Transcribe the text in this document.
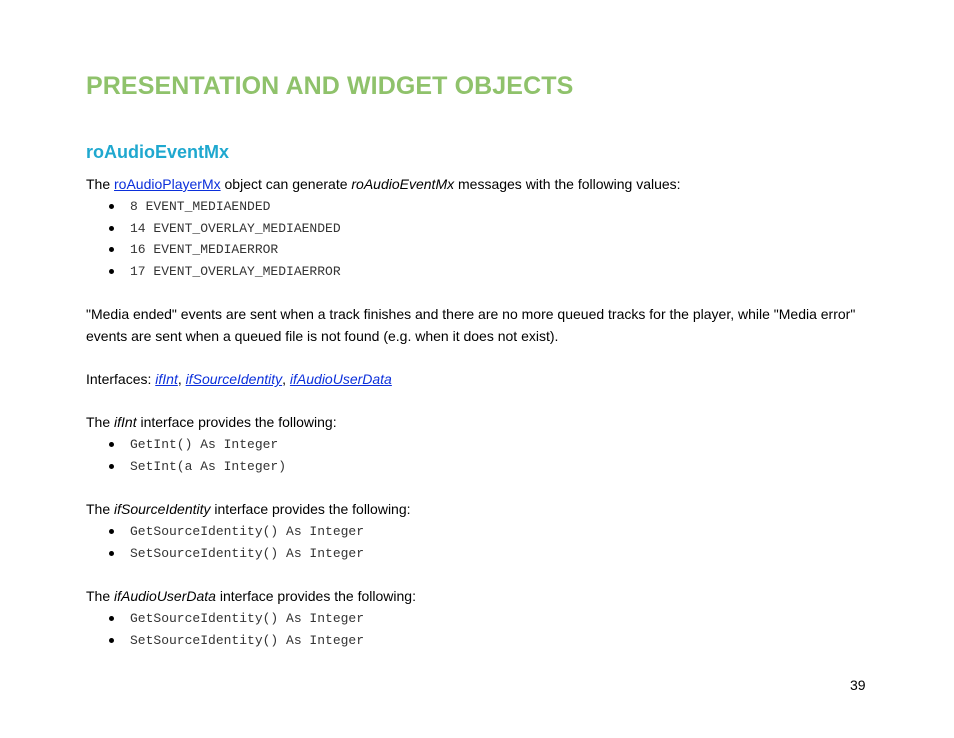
PRESENTATION AND WIDGET OBJECTS
roAudioEventMx

The roAudioPlayerMx object can generate roAudioEventMx messages with the following values:

8 EVENT_MEDIAENDED
14 EVENT_OVERLAY_MEDIAENDED
16 EVENT_MEDIAERROR
17 EVENT_OVERLAY_MEDIAERROR

"Media ended" events are sent when a track finishes and there are no more queued tracks for the player, while "Media error" events are sent when a queued file is not found (e.g. when it does not exist).

Interfaces: ifInt, ifSourceIdentity, ifAudioUserData

The ifInt interface provides the following:

GetInt() As Integer
SetInt(a As Integer)

The ifSourceIdentity interface provides the following:

GetSourceIdentity() As Integer
SetSourceIdentity() As Integer

The ifAudioUserData interface provides the following:

GetSourceIdentity() As Integer
SetSourceIdentity() As Integer
39
